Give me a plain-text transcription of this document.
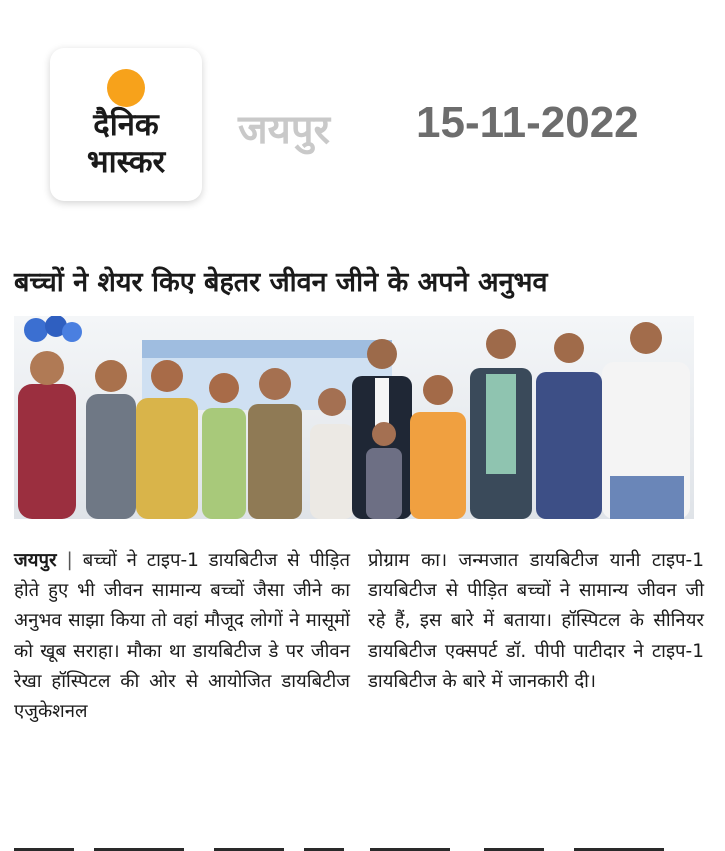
दैनिक
भास्कर
जयपुर 15-11-2022
बच्चों ने शेयर किए बेहतर जीवन जीने के अपने अनुभव

जयपुर | बच्चों ने टाइप-1 डायबिटीज से पीड़ित होते हुए भी जीवन सामान्य बच्चों जैसा जीने का अनुभव साझा किया तो वहां मौजूद लोगों ने मासूमों को खूब सराहा। मौका था डायबिटीज डे पर जीवन रेखा हॉस्पिटल की ओर से आयोजित डायबिटीज एजुकेशनल

प्रोग्राम का। जन्मजात डायबिटीज यानी टाइप-1 डायबिटीज से पीड़ित बच्चों ने सामान्य जीवन जी रहे हैं, इस बारे में बताया। हॉस्पिटल के सीनियर डायबिटीज एक्सपर्ट डॉ. पीपी पाटीदार ने टाइप-1 डायबिटीज के बारे में जानकारी दी।
